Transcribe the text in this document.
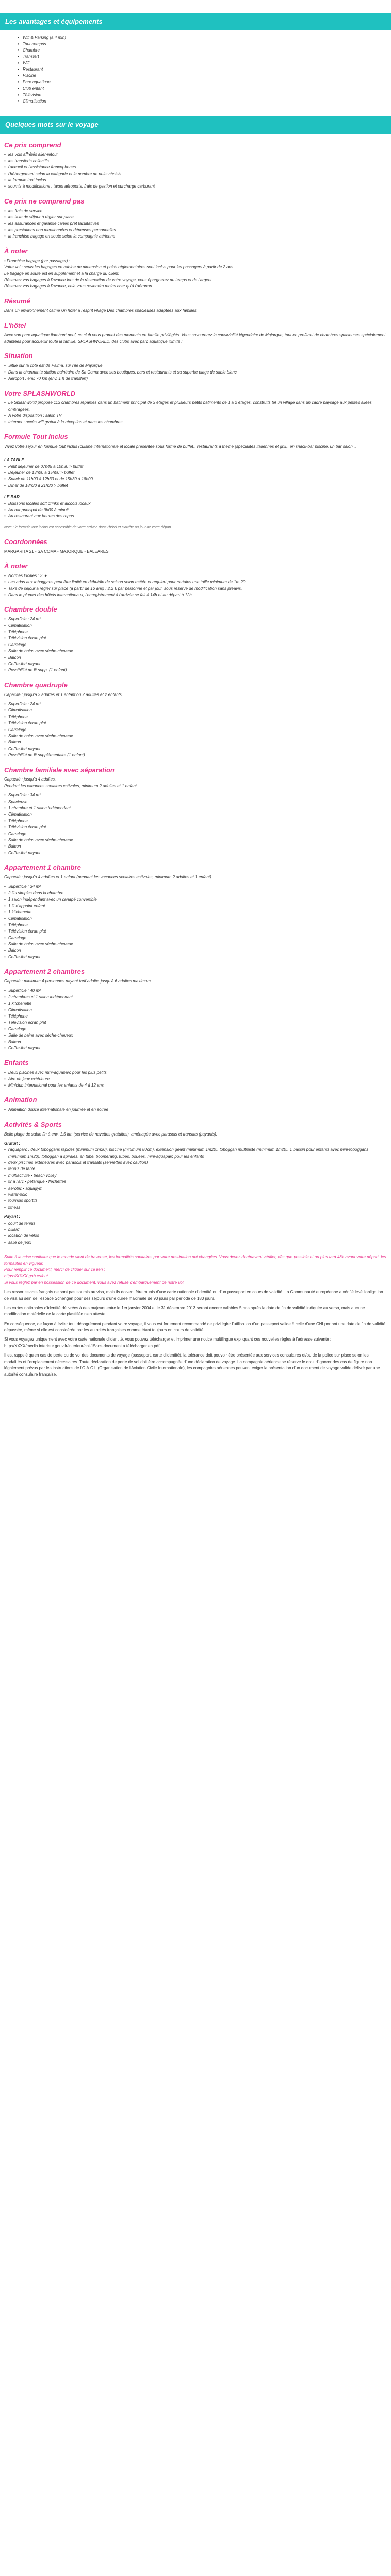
Les avantages et équipements
• Wifi & Parking (à 4 min)
• Tout compris
• Chambre
• Transfert
• Wifi
• Restaurant
• Piscine
• Parc aquatique
• Club enfant
• Télévision
• Climatisation
Quelques mots sur le voyage
Ce prix comprend
• les vols affrétés aller-retour
• les transferts collectifs
• l'accueil et l'assistance francophones
• l'hébergement selon la catégorie et le nombre de nuits choisis
• la formule tout inclus
• soumis à modifications : taxes aéroports, frais de gestion et surcharge carburant
Ce prix ne comprend pas
• les frais de service
• les taxe de séjour à régler sur place
• les assurances et garantie cartes prêt facultatives
• les prestations non mentionnées et dépenses personnelles
• la franchise bagage en soute selon la compagnie aérienne
À noter
• Franchise bagage (par passager) :
Votre vol : seuls les bagages en cabine de dimension et poids réglementaires sont inclus pour les passagers à partir de 2 ans.
Le bagage en soute est en supplément et à la charge du client.
Réservez vos bagages à l'avance lors de la réservation de votre voyage, vous épargnerez du temps et de l'argent.
Réservez vos bagages à l'avance, cela vous reviendra moins cher qu'à l'aéroport.
Résumé

Dans un environnement calme Un hôtel à l'esprit village Des chambres spacieuses adaptées aux familles

L'hôtel

Avec son parc aquatique flambant neuf, ce club vous promet des moments en famille privilégiés. Vous savourerez la convivialité légendaire de Majorque, tout en profitant de chambres spacieuses spécialement adaptées pour accueillir toute la famille. SPLASHWORLD, des clubs avec parc aquatique illimité !

Situation
• Situé sur la côte est de Palma, sur l'île de Majorque
• Dans la charmante station balnéaire de Sa Coma avec ses boutiques, bars et restaurants et sa superbe plage de sable blanc
• Aéroport : env. 70 km (env. 1 h de transfert)
Votre SPLASHWORLD
• Le Splashworld propose 113 chambres réparties dans un bâtiment principal de 3 étages et plusieurs petits bâtiments de 1 à 2 étages, construits tel un village dans un cadre paysagé aux petites allées ombragées.
• À votre disposition : salon TV
• Internet : accès wifi gratuit à la réception et dans les chambres.
Formule Tout Inclus

Vivez votre séjour en formule tout inclus (cuisine internationale et locale présentée sous forme de buffet), restaurants à thème (spécialités italiennes et grill), en snack-bar piscine, un bar salon...

LA TABLE

• Petit déjeuner de 07h45 à 10h30 > buffet
• Déjeuner de 13h00 à 15h00 > buffet
• Snack de 11h00 à 12h30 et de 15h30 à 18h00
• Dîner de 18h30 à 21h30 > buffet

LE BAR

• Boissons locales soft drinks et alcools locaux
• Au bar principal de 9h00 à minuit
• Au restaurant aux heures des repas

Note : le formule tout inclus est accessible de votre arrivée dans l'hôtel et s'arrête au jour de votre départ.

Coordonnées

MARGARITA 21 - SA COMA - MAJORQUE - BALEARES

À noter
• Normes locales : 3 ★
• Les ados aux toboggans peut être limité en début/fin de saison selon météo et requiert pour certains une taille minimum de 1m 20.
• Taxe de séjour à régler sur place (à partir de 16 ans) : 2,2 € par personne et par jour, sous réserve de modification sans préavis.
• Dans le plupart des hôtels internationaux, l'enregistrement à l'arrivée se fait à 14h et au départ à 12h.
Chambre double
• Superficie : 24 m²
• Climatisation
• Téléphone
• Télévision écran plat
• Carrelage
• Salle de bains avec sèche-cheveux
• Balcon
• Coffre-fort payant
• Possibilité de lit supp. (1 enfant)
Chambre quadruple

Capacité : jusqu'à 3 adultes et 1 enfant ou 2 adultes et 2 enfants.

• Superficie : 24 m²
• Climatisation
• Téléphone
• Télévision écran plat
• Carrelage
• Salle de bains avec sèche-cheveux
• Balcon
• Coffre-fort payant
• Possibilité de lit supplémentaire (1 enfant)
Chambre familiale avec séparation
Capacité : jusqu'à 4 adultes.
Pendant les vacances scolaires estivales, minimum 2 adultes et 1 enfant.
• Superficie : 34 m²
• Spacieuse
• 1 chambre et 1 salon indépendant
• Climatisation
• Téléphone
• Télévision écran plat
• Carrelage
• Salle de bains avec sèche-cheveux
• Balcon
• Coffre-fort payant
Appartement 1 chambre

Capacité : jusqu'à 4 adultes et 1 enfant (pendant les vacances scolaires estivales, minimum 2 adultes et 1 enfant).

• Superficie : 34 m²
• 2 lits simples dans la chambre
• 1 salon indépendant avec un canapé convertible
• 1 lit d'appoint enfant
• 1 kitchenette
• Climatisation
• Téléphone
• Télévision écran plat
• Carrelage
• Salle de bains avec sèche-cheveux
• Balcon
• Coffre-fort payant
Appartement 2 chambres

Capacité : minimum 4 personnes payant tarif adulte, jusqu'à 6 adultes maximum.

• Superficie : 40 m²
• 2 chambres et 1 salon indépendant
• 1 kitchenette
• Climatisation
• Téléphone
• Télévision écran plat
• Carrelage
• Salle de bains avec sèche-cheveux
• Balcon
• Coffre-fort payant
Enfants
• Deux piscines avec mini-aquaparc pour les plus petits
• Aire de jeux extérieure
• Miniclub international pour les enfants de 4 à 12 ans
Animation
• Animation douce internationale en journée et en soirée
Activités & Sports

Belle plage de sable fin à env. 1,5 km (service de navettes gratuites), aménagée avec parasols et transats (payants).

Gratuit :

• l'aquaparc : deux toboggans rapides (minimum 1m20), piscine (minimum 80cm), extension géant (minimum 1m20), toboggan multipiste (minimum 1m20), 1 bassin pour enfants avec mini-toboggans (minimum 1m20), toboggan à spirales, en tube, boomerang, tubes, bouées, mini-aquaparc pour les enfants
• deux piscines extérieures avec parasols et transats (serviettes avec caution)
• tennis de table
• multiactivité • beach volley
• tir à l'arc • pétanque • fléchettes
• aérobic • aquagym
• water-polo
• tournois sportifs
• fitness

Payant :

• court de tennis
• billard
• location de vélos
• salle de jeux

Suite à la crise sanitaire que le monde vient de traverser, les formalités sanitaires par votre destination ont changées. Vous devez dorénavant vérifier, dès que possible et au plus tard 48h avant votre départ, les formalités en vigueur.

Pour remplir ce document, merci de cliquer sur ce lien :

https://XXXX.gob.es/ou/

Si vous réglez par en possession de ce document, vous avez refusé d'embarquement de notre vol.

Les ressortissants français ne sont pas soumis au visa, mais ils doivent être munis d'une carte nationale d'identité ou d'un passeport en cours de validité. La Communauté européenne a vérifié levé l'obligation de visa au sein de l'espace Schengen pour des séjours d'une durée maximale de 90 jours par période de 180 jours.

Les cartes nationales d'identité délivrées à des majeurs entre le 1er janvier 2004 et le 31 décembre 2013 seront encore valables 5 ans après la date de fin de validité indiquée au verso, mais aucune modification matérielle de la carte plastifiée n'en atteste.

En conséquence, de façon à éviter tout désagrément pendant votre voyage, il vous est fortement recommandé de privilégier l'utilisation d'un passeport valide à celle d'une CNI portant une date de fin de validité dépassée, même si elle est considérée par les autorités françaises comme étant toujours en cours de validité.

Si vous voyagez uniquement avec votre carte nationale d'identité, vous pouvez télécharger et imprimer une notice multilingue expliquant ces nouvelles règles à l'adresse suivante : http://XXXX/media.interieur.gouv.fr/interieur/cni-15ans-document a télécharger en.pdf

Il est rappelé qu'en cas de perte ou de vol des documents de voyage (passeport, carte d'identité), la tolérance doit pouvoir être présentée aux services consulaires et/ou de la police sur place selon les modalités et l'emplacement nécessaires. Toute déclaration de perte de vol doit être accompagnée d'une déclaration de voyage. La compagnie aérienne se réserve le droit d'ignorer des cas de figure non légalement prévus par les instructions de l'O.A.C.I. (Organisation de l'Aviation Civile Internationale), les compagnies aériennes peuvent exiger la présentation d'un document de voyage valide délivré par une autorité consulaire française.
